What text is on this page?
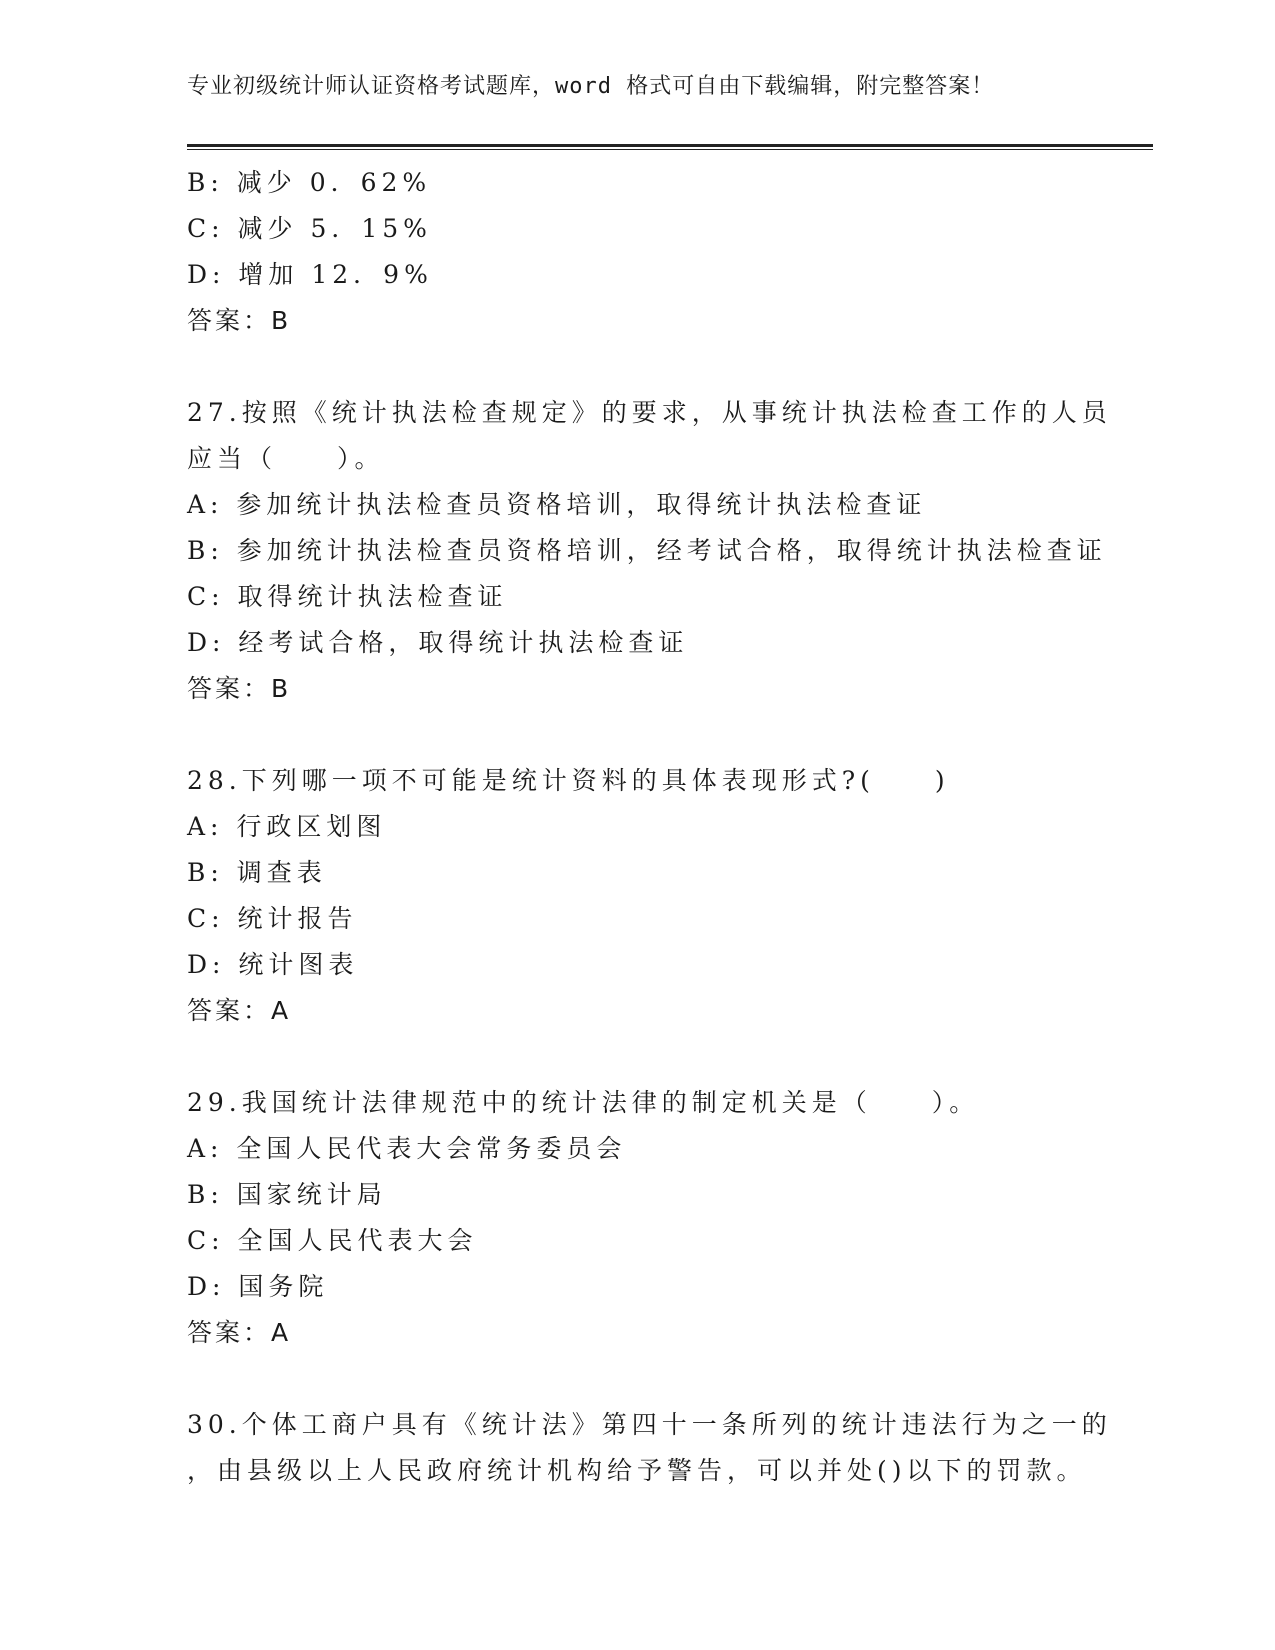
专业初级统计师认证资格考试题库，word 格式可自由下载编辑，附完整答案！
B: 减少 0．62%
C: 减少 5．15%
D: 增加 12．9%
答案：B
27.按照《统计执法检查规定》的要求，从事统计执法检查工作的人员
应当（　　）。
A: 参加统计执法检查员资格培训，取得统计执法检查证
B: 参加统计执法检查员资格培训，经考试合格，取得统计执法检查证
C: 取得统计执法检查证
D: 经考试合格，取得统计执法检查证
答案：B
28.下列哪一项不可能是统计资料的具体表现形式?(　　)
A: 行政区划图
B: 调查表
C: 统计报告
D: 统计图表
答案：A
29.我国统计法律规范中的统计法律的制定机关是（　　）。
A: 全国人民代表大会常务委员会
B: 国家统计局
C: 全国人民代表大会
D: 国务院
答案：A
30.个体工商户具有《统计法》第四十一条所列的统计违法行为之一的
，由县级以上人民政府统计机构给予警告，可以并处()以下的罚款。
